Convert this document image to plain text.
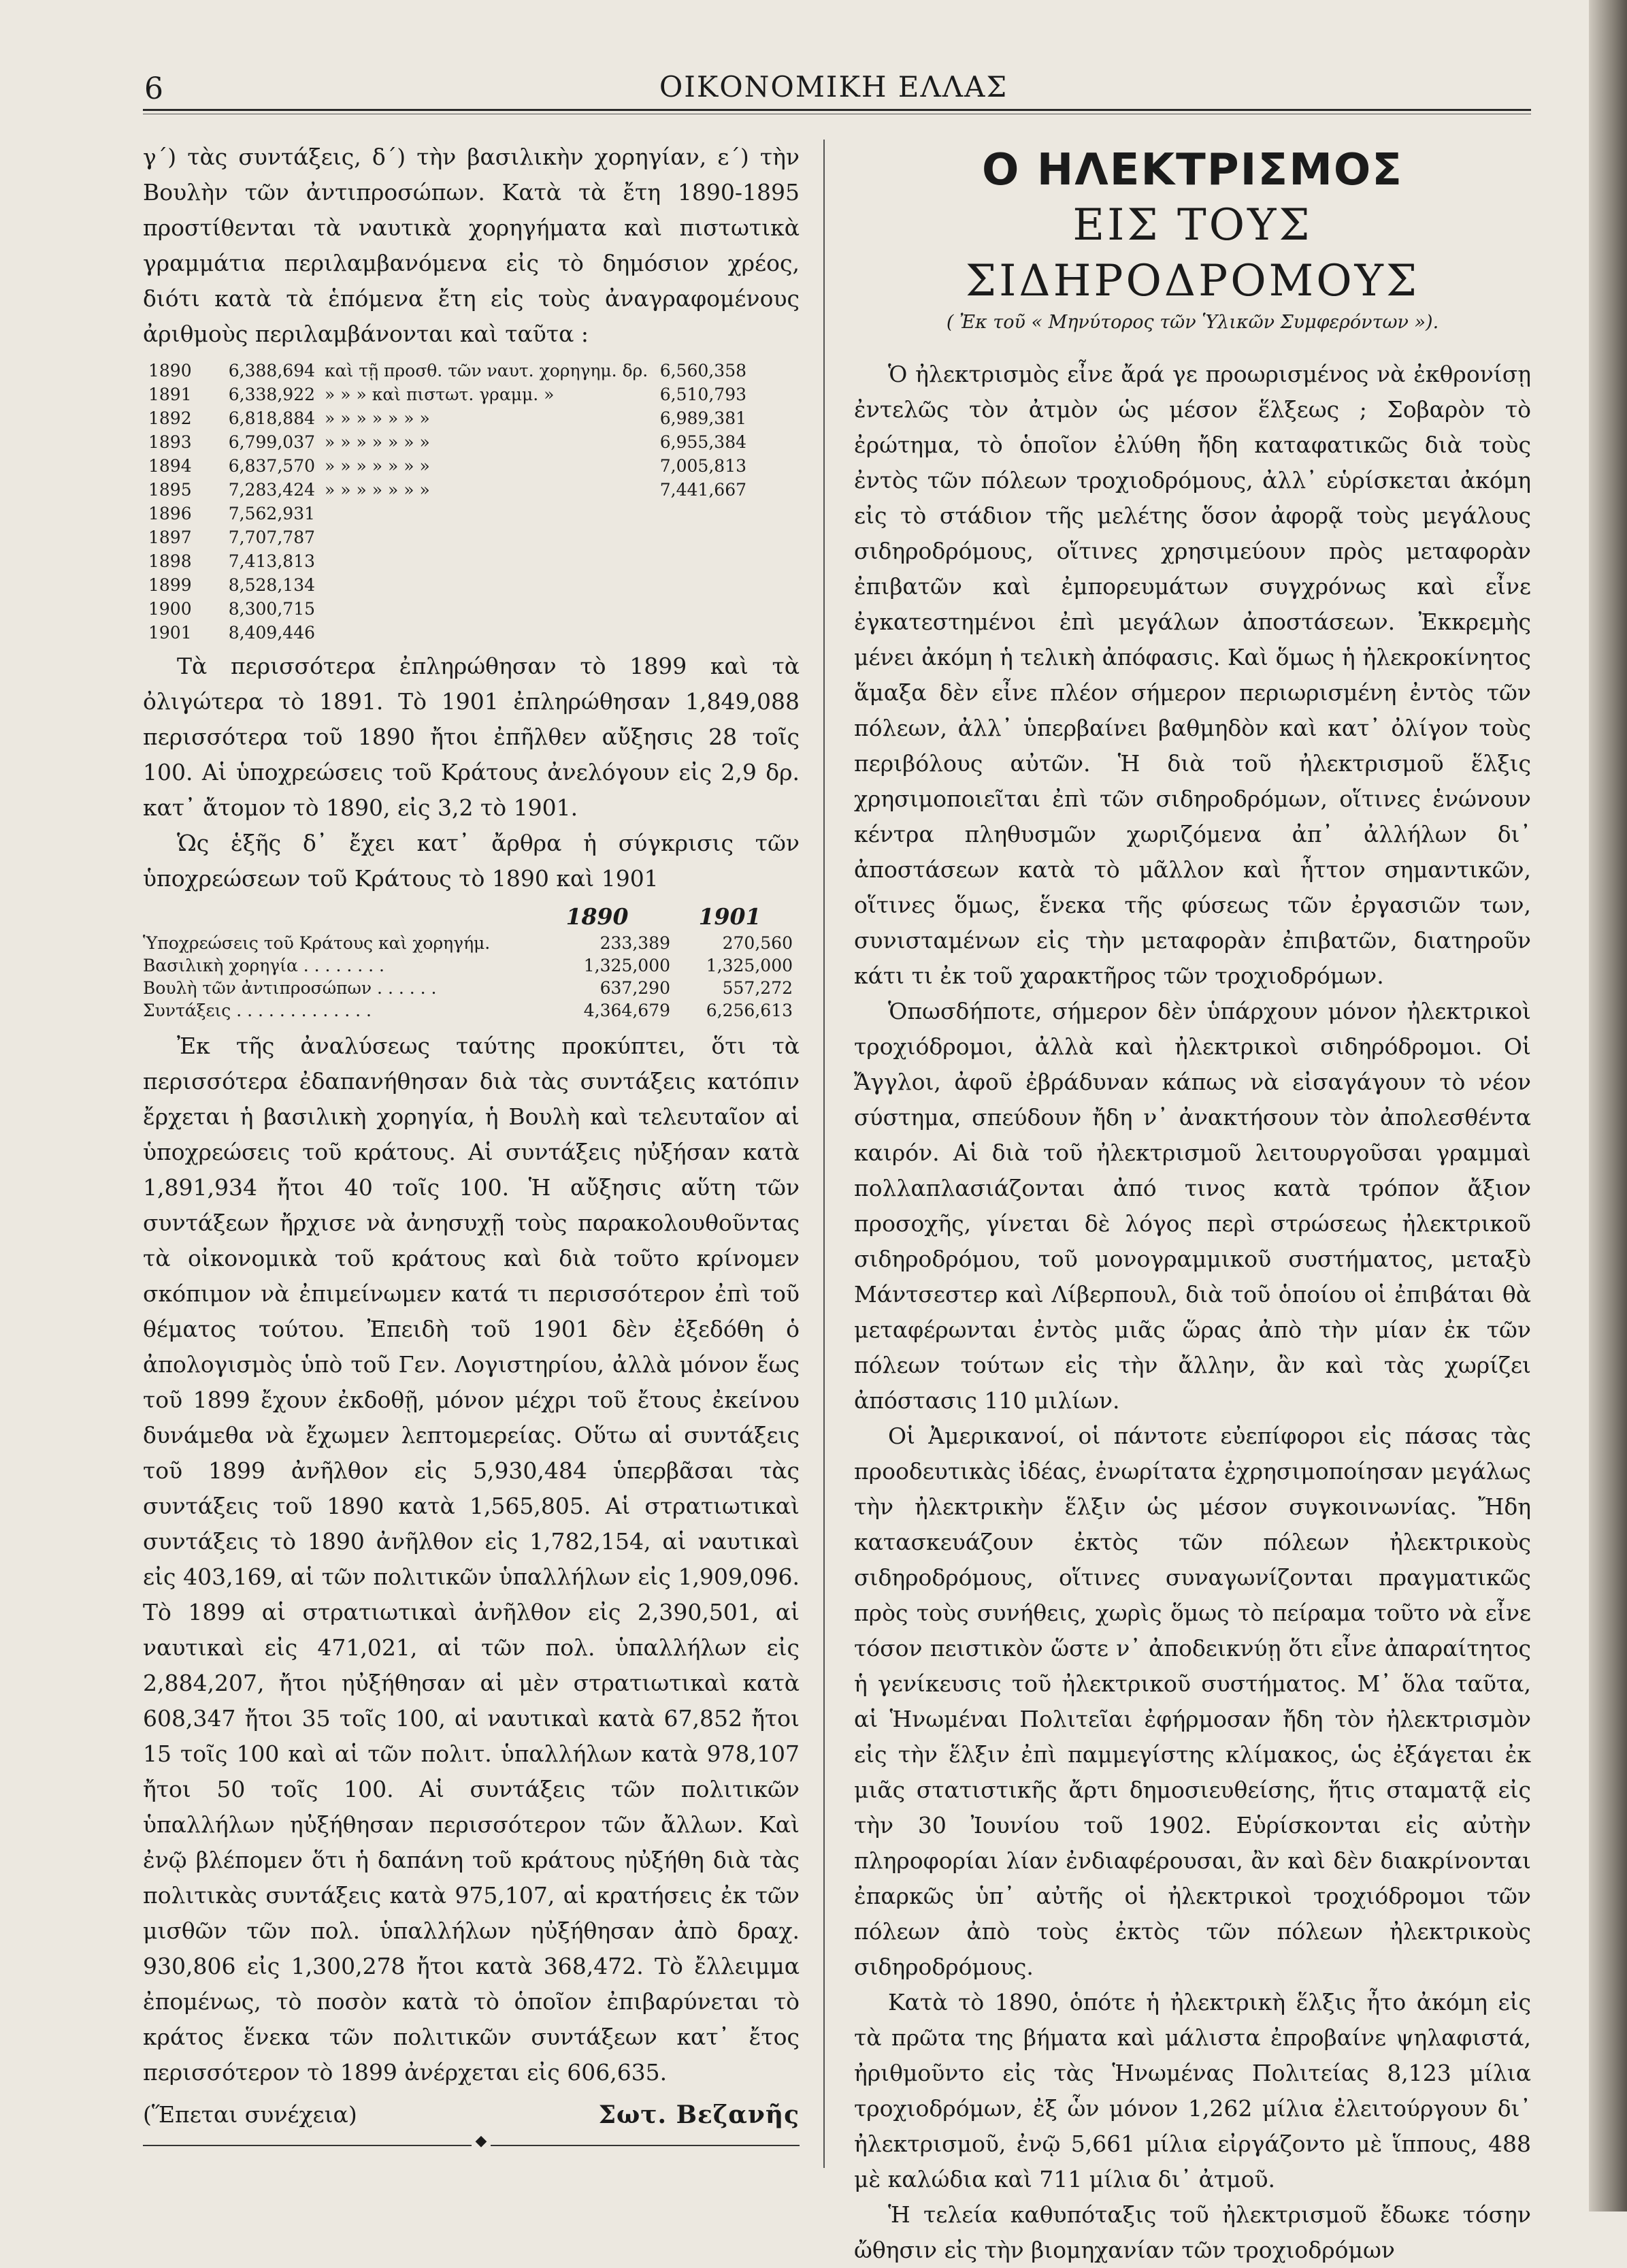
6	ΟΙΚΟΝΟΜΙΚΗ ΕΛΛΑΣ

γ΄) τὰς συντάξεις, δ΄) τὴν βασιλικὴν χορηγίαν, ε΄) τὴν Βουλὴν τῶν ἀντιπροσώπων. Κατὰ τὰ ἔτη 1890-1895 προστίθενται τὰ ναυτικὰ χορηγήματα καὶ πιστωτικὰ γραμμάτια περιλαμβανόμενα εἰς τὸ δημόσιον χρέος, διότι κατὰ τὰ ἑπόμενα ἔτη εἰς τοὺς ἀναγραφομένους ἀριθμοὺς περιλαμβάνονται καὶ ταῦτα :

1890	6,388,694 καὶ τῇ προσθ. τῶν ναυτ. χορηγημ. δρ. 6,560,358
1891	6,338,922 » » » καὶ πιστωτ. γραμμ. »	6,510,793
1892	6,818,884 » » » » » » »	6,989,381
1893	6,799,037 » » » » » » »	6,955,384
1894	6,837,570 » » » » » » »	7,005,813
1895	7,283,424 » » » » » » »	7,441,667
1896	7,562,931
1897	7,707,787
1898	7,413,813
1899	8,528,134
1900	8,300,715
1901	8,409,446

Τὰ περισσότερα ἐπληρώθησαν τὸ 1899 καὶ τὰ ὀλιγώτερα τὸ 1891. Τὸ 1901 ἐπληρώθησαν 1,849,088 περισσότερα τοῦ 1890 ἤτοι ἐπῆλθεν αὔξησις 28 τοῖς 100. Αἱ ὑποχρεώσεις τοῦ Κράτους ἀνελόγουν εἰς 2,9 δρ. κατ᾽ ἄτομον τὸ 1890, εἰς 3,2 τὸ 1901.

Ὡς ἑξῆς δ᾽ ἔχει κατ᾽ ἄρθρα ἡ σύγκρισις τῶν ὑποχρεώσεων τοῦ Κράτους τὸ 1890 καὶ 1901

1890	1901
Ὑποχρεώσεις τοῦ Κράτους καὶ χορηγήμ.	233,389	270,560
Βασιλικὴ χορηγία . . . . . . . .	1,325,000	1,325,000
Βουλὴ τῶν ἀντιπροσώπων . . . . . .	637,290	557,272
Συντάξεις . . . . . . . . . . . . .	4,364,679	6,256,613

Ἐκ τῆς ἀναλύσεως ταύτης προκύπτει, ὅτι τὰ περισσότερα ἐδαπανήθησαν διὰ τὰς συντάξεις κατόπιν ἔρχεται ἡ βασιλικὴ χορηγία, ἡ Βουλὴ καὶ τελευταῖον αἱ ὑποχρεώσεις τοῦ κράτους. Αἱ συντάξεις ηὐξήσαν κατὰ 1,891,934 ἤτοι 40 τοῖς 100. Ἡ αὔξησις αὕτη τῶν συντάξεων ἤρχισε νὰ ἀνησυχῇ τοὺς παρακολουθοῦντας τὰ οἰκονομικὰ τοῦ κράτους καὶ διὰ τοῦτο κρίνομεν σκόπιμον νὰ ἐπιμείνωμεν κατά τι περισσότερον ἐπὶ τοῦ θέματος τούτου. Ἐπειδὴ τοῦ 1901 δὲν ἐξεδόθη ὁ ἀπολογισμὸς ὑπὸ τοῦ Γεν. Λογιστηρίου, ἀλλὰ μόνον ἕως τοῦ 1899 ἔχουν ἐκδοθῇ, μόνον μέχρι τοῦ ἔτους ἐκείνου δυνάμεθα νὰ ἔχωμεν λεπτομερείας. Οὕτω αἱ συντάξεις τοῦ 1899 ἀνῆλθον εἰς 5,930,484 ὑπερβᾶσαι τὰς συντάξεις τοῦ 1890 κατὰ 1,565,805. Αἱ στρατιωτικαὶ συντάξεις τὸ 1890 ἀνῆλθον εἰς 1,782,154, αἱ ναυτικαὶ εἰς 403,169, αἱ τῶν πολιτικῶν ὑπαλλήλων εἰς 1,909,096. Τὸ 1899 αἱ στρατιωτικαὶ ἀνῆλθον εἰς 2,390,501, αἱ ναυτικαὶ εἰς 471,021, αἱ τῶν πολ. ὑπαλλήλων εἰς 2,884,207, ἤτοι ηὐξήθησαν αἱ μὲν στρατιωτικαὶ κατὰ 608,347 ἤτοι 35 τοῖς 100, αἱ ναυτικαὶ κατὰ 67,852 ἤτοι 15 τοῖς 100 καὶ αἱ τῶν πολιτ. ὑπαλλήλων κατὰ 978,107 ἤτοι 50 τοῖς 100. Αἱ συντάξεις τῶν πολιτικῶν ὑπαλλήλων ηὐξήθησαν περισσότερον τῶν ἄλλων. Καὶ ἐνῷ βλέπομεν ὅτι ἡ δαπάνη τοῦ κράτους ηὐξήθη διὰ τὰς πολιτικὰς συντάξεις κατὰ 975,107, αἱ κρατήσεις ἐκ τῶν μισθῶν τῶν πολ. ὑπαλλήλων ηὐξήθησαν ἀπὸ δραχ. 930,806 εἰς 1,300,278 ἤτοι κατὰ 368,472. Τὸ ἔλλειμμα ἐπομένως, τὸ ποσὸν κατὰ τὸ ὁποῖον ἐπιβαρύνεται τὸ κράτος ἕνεκα τῶν πολιτικῶν συντάξεων κατ᾽ ἔτος περισσότερον τὸ 1899 ἀνέρχεται εἰς 606,635.

(Ἕπεται συνέχεια)	Σωτ. Βεζανῆς
◆
Ο ΗΛΕΚΤΡΙΣΜΟΣ
ΕΙΣ ΤΟΥΣ ΣΙΔΗΡΟΔΡΟΜΟΥΣ
( Ἐκ τοῦ « Μηνύτορος τῶν Ὑλικῶν Συμφερόντων »).

Ὁ ἠλεκτρισμὸς εἶνε ἄρά γε προωρισμένος νὰ ἐκθρονίσῃ ἐντελῶς τὸν ἀτμὸν ὡς μέσον ἕλξεως ; Σοβαρὸν τὸ ἐρώτημα, τὸ ὁποῖον ἐλύθη ἤδη καταφατικῶς διὰ τοὺς ἐντὸς τῶν πόλεων τροχιοδρόμους, ἀλλ᾽ εὑρίσκεται ἀκόμη εἰς τὸ στάδιον τῆς μελέτης ὅσον ἀφορᾷ τοὺς μεγάλους σιδηροδρόμους, οἵτινες χρησιμεύουν πρὸς μεταφορὰν ἐπιβατῶν καὶ ἐμπορευμάτων συγχρόνως καὶ εἶνε ἐγκατεστημένοι ἐπὶ μεγάλων ἀποστάσεων. Ἐκκρεμὴς μένει ἀκόμη ἡ τελικὴ ἀπόφασις. Καὶ ὅμως ἡ ἠλεκροκίνητος ἅμαξα δὲν εἶνε πλέον σήμερον περιωρισμένη ἐντὸς τῶν πόλεων, ἀλλ᾽ ὑπερβαίνει βαθμηδὸν καὶ κατ᾽ ὀλίγον τοὺς περιβόλους αὐτῶν. Ἡ διὰ τοῦ ἠλεκτρισμοῦ ἕλξις χρησιμοποιεῖται ἐπὶ τῶν σιδηροδρόμων, οἵτινες ἑνώνουν κέντρα πληθυσμῶν χωριζόμενα ἀπ᾽ ἀλλήλων δι᾽ ἀποστάσεων κατὰ τὸ μᾶλλον καὶ ἧττον σημαντικῶν, οἵτινες ὅμως, ἕνεκα τῆς φύσεως τῶν ἐργασιῶν των, συνισταμένων εἰς τὴν μεταφορὰν ἐπιβατῶν, διατηροῦν κάτι τι ἐκ τοῦ χαρακτῆρος τῶν τροχιοδρόμων.

Ὁπωσδήποτε, σήμερον δὲν ὑπάρχουν μόνον ἠλεκτρικοὶ τροχιόδρομοι, ἀλλὰ καὶ ἠλεκτρικοὶ σιδηρόδρομοι. Οἱ Ἄγγλοι, ἀφοῦ ἐβράδυναν κάπως νὰ εἰσαγάγουν τὸ νέον σύστημα, σπεύδουν ἤδη ν᾽ ἀνακτήσουν τὸν ἀπολεσθέντα καιρόν. Αἱ διὰ τοῦ ἠλεκτρισμοῦ λειτουργοῦσαι γραμμαὶ πολλαπλασιάζονται ἀπό τινος κατὰ τρόπον ἄξιον προσοχῆς, γίνεται δὲ λόγος περὶ στρώσεως ἠλεκτρικοῦ σιδηροδρόμου, τοῦ μονογραμμικοῦ συστήματος, μεταξὺ Μάντσεστερ καὶ Λίβερπουλ, διὰ τοῦ ὁποίου οἱ ἐπιβάται θὰ μεταφέρωνται ἐντὸς μιᾶς ὥρας ἀπὸ τὴν μίαν ἐκ τῶν πόλεων τούτων εἰς τὴν ἄλλην, ἂν καὶ τὰς χωρίζει ἀπόστασις 110 μιλίων.

Οἱ Ἀμερικανοί, οἱ πάντοτε εὐεπίφοροι εἰς πάσας τὰς προοδευτικὰς ἰδέας, ἐνωρίτατα ἐχρησιμοποίησαν μεγάλως τὴν ἠλεκτρικὴν ἕλξιν ὡς μέσον συγκοινωνίας. Ἤδη κατασκευάζουν ἐκτὸς τῶν πόλεων ἠλεκτρικοὺς σιδηροδρόμους, οἵτινες συναγωνίζονται πραγματικῶς πρὸς τοὺς συνήθεις, χωρὶς ὅμως τὸ πείραμα τοῦτο νὰ εἶνε τόσον πειστικὸν ὥστε ν᾽ ἀποδεικνύῃ ὅτι εἶνε ἀπαραίτητος ἡ γενίκευσις τοῦ ἠλεκτρικοῦ συστήματος. Μ᾽ ὅλα ταῦτα, αἱ Ἡνωμέναι Πολιτεῖαι ἐφήρμοσαν ἤδη τὸν ἠλεκτρισμὸν εἰς τὴν ἕλξιν ἐπὶ παμμεγίστης κλίμακος, ὡς ἐξάγεται ἐκ μιᾶς στατιστικῆς ἄρτι δημοσιευθείσης, ἥτις σταματᾷ εἰς τὴν 30 Ἰουνίου τοῦ 1902. Εὑρίσκονται εἰς αὐτὴν πληροφορίαι λίαν ἐνδιαφέρουσαι, ἂν καὶ δὲν διακρίνονται ἐπαρκῶς ὑπ᾽ αὐτῆς οἱ ἠλεκτρικοὶ τροχιόδρομοι τῶν πόλεων ἀπὸ τοὺς ἐκτὸς τῶν πόλεων ἠλεκτρικοὺς σιδηροδρόμους.

Κατὰ τὸ 1890, ὁπότε ἡ ἠλεκτρικὴ ἕλξις ἦτο ἀκόμη εἰς τὰ πρῶτα της βήματα καὶ μάλιστα ἐπροβαίνε ψηλαφιστά, ἠριθμοῦντο εἰς τὰς Ἡνωμένας Πολιτείας 8,123 μίλια τροχιοδρόμων, ἐξ ὧν μόνον 1,262 μίλια ἐλειτούργουν δι᾽ ἠλεκτρισμοῦ, ἐνῷ 5,661 μίλια εἰργάζοντο μὲ ἵππους, 488 μὲ καλώδια καὶ 711 μίλια δι᾽ ἀτμοῦ.

Ἡ τελεία καθυπόταξις τοῦ ἠλεκτρισμοῦ ἔδωκε τόσην ὤθησιν εἰς τὴν βιομηχανίαν τῶν τροχιοδρόμων
